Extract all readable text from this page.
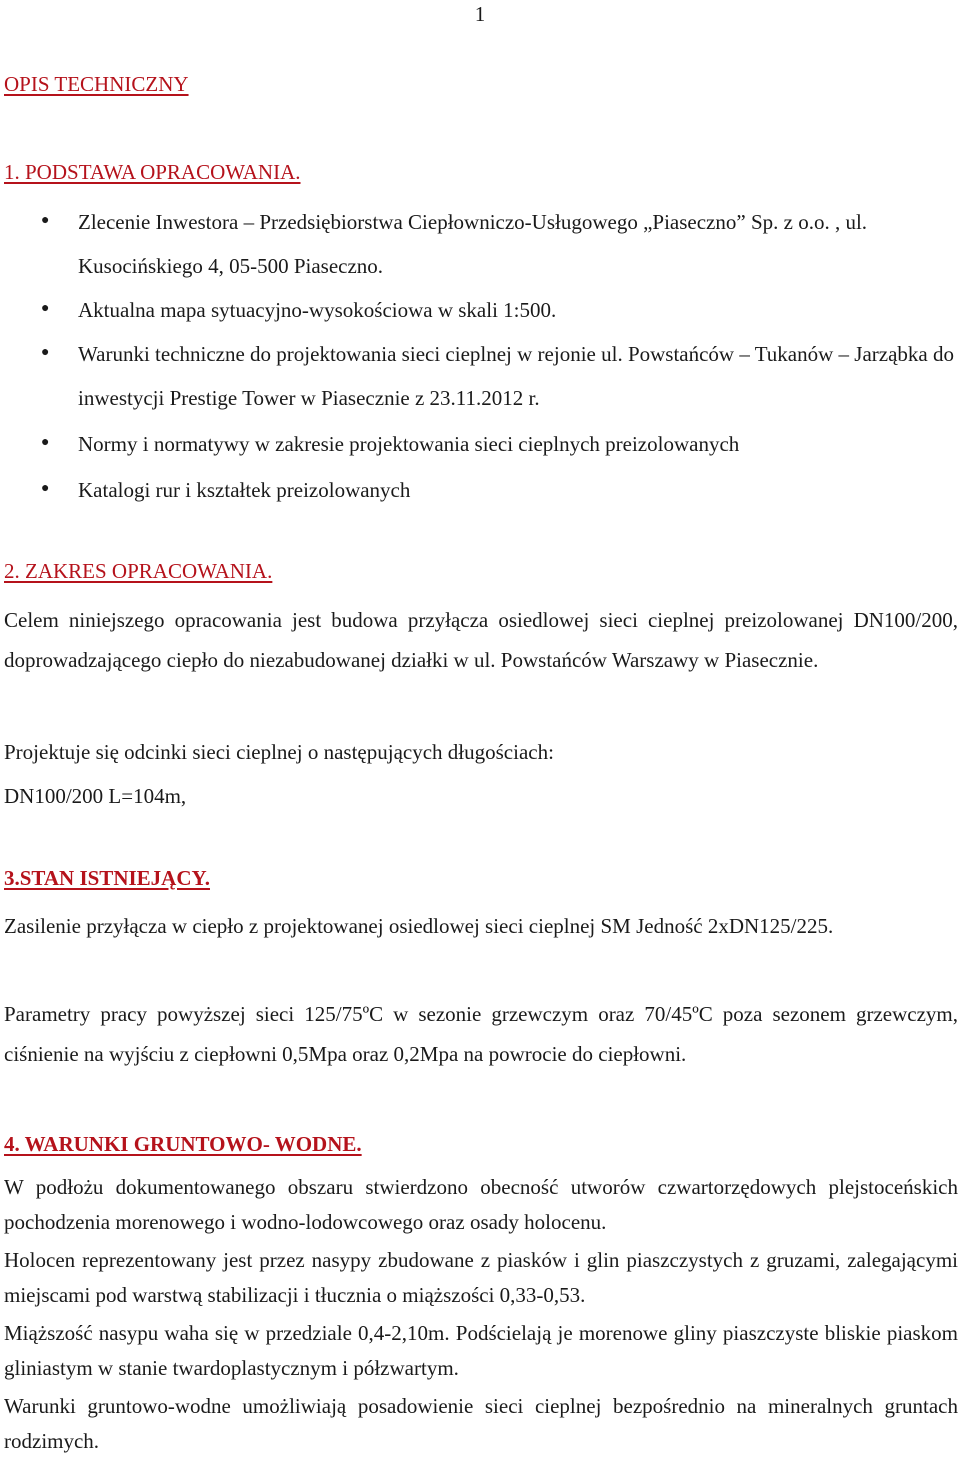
1
OPIS TECHNICZNY
1. PODSTAWA OPRACOWANIA.
● Zlecenie Inwestora – Przedsiębiorstwa Ciepłowniczo-Usługowego „Piaseczno” Sp. z o.o. , ul. Kusocińskiego 4, 05-500 Piaseczno.
● Aktualna mapa sytuacyjno-wysokościowa w skali 1:500.
● Warunki techniczne do projektowania sieci cieplnej w rejonie ul. Powstańców – Tukanów – Jarząbka do inwestycji Prestige Tower w Piasecznie z 23.11.2012 r.
● Normy i normatywy w zakresie projektowania sieci cieplnych preizolowanych
● Katalogi rur i kształtek preizolowanych
2. ZAKRES OPRACOWANIA.

Celem niniejszego opracowania jest budowa przyłącza osiedlowej sieci cieplnej preizolowanej DN100/200, doprowadzającego ciepło do niezabudowanej działki w ul. Powstańców Warszawy w Piasecznie.

Projektuje się odcinki sieci cieplnej o następujących długościach:

DN100/200 L=104m,

3.STAN ISTNIEJĄCY.

Zasilenie przyłącza w ciepło z projektowanej osiedlowej sieci cieplnej SM Jedność 2xDN125/225.

Parametry pracy powyższej sieci 125/75ºC w sezonie grzewczym oraz 70/45ºC poza sezonem grzewczym, ciśnienie na wyjściu z ciepłowni 0,5Mpa oraz 0,2Mpa na powrocie do ciepłowni.

4. WARUNKI GRUNTOWO- WODNE.

W podłożu dokumentowanego obszaru stwierdzono obecność utworów czwartorzędowych plejstoceńskich pochodzenia morenowego i wodno-lodowcowego oraz osady holocenu.

Holocen reprezentowany jest przez nasypy zbudowane z piasków i glin piaszczystych z gruzami, zalegającymi miejscami pod warstwą stabilizacji i tłucznia o miąższości 0,33-0,53.

Miąższość nasypu waha się w przedziale 0,4-2,10m. Podścielają je morenowe gliny piaszczyste bliskie piaskom gliniastym w stanie twardoplastycznym i półzwartym.

Warunki gruntowo-wodne umożliwiają posadowienie sieci cieplnej bezpośrednio na mineralnych gruntach rodzimych.
